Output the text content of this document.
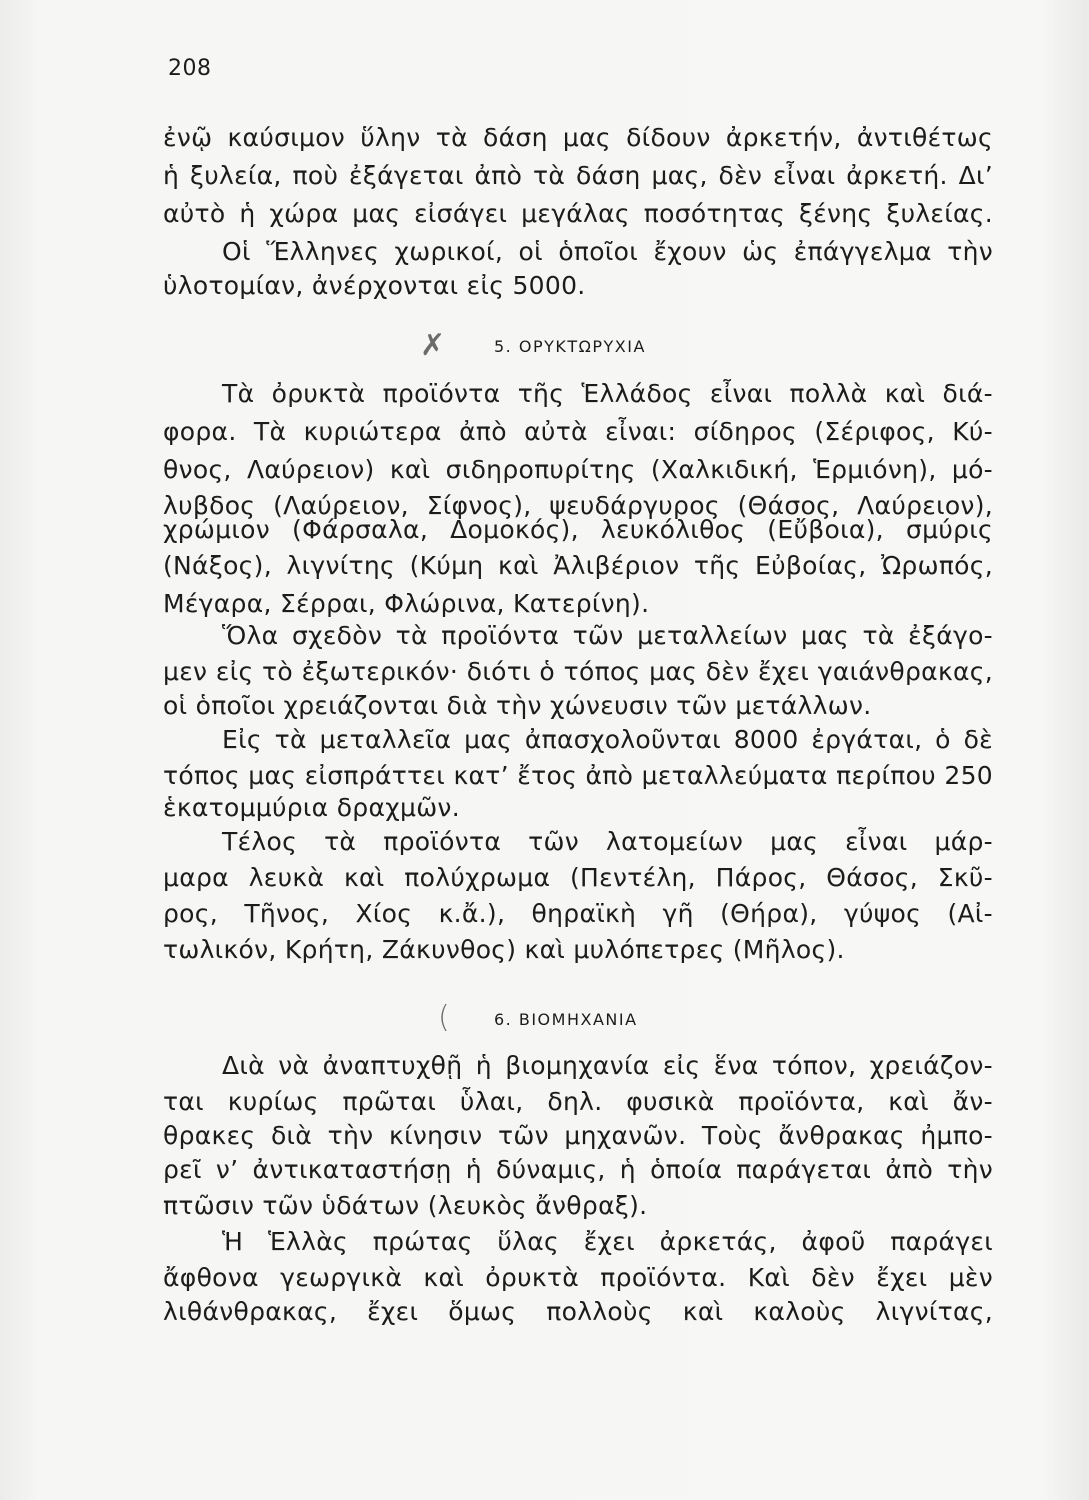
208
ἐνῷ καύσιμον ὕλην τὰ δάση μας δίδουν ἀρκετήν, ἀντιθέτως
ἡ ξυλεία, ποὺ ἐξάγεται ἀπὸ τὰ δάση μας, δὲν εἶναι ἀρκετή. Δι’
αὐτὸ ἡ χώρα μας εἰσάγει μεγάλας ποσότητας ξένης ξυλείας.
Οἱ Ἕλληνες χωρικοί, οἱ ὁποῖοι ἔχουν ὡς ἐπάγγελμα τὴν
ὑλοτομίαν, ἀνέρχονται εἰς 5000.
✗	5. ΟΡΥΚΤΩΡΥΧΙΑ
Τὰ ὀρυκτὰ προϊόντα τῆς Ἑλλάδος εἶναι πολλὰ καὶ διά-
φορα. Τὰ κυριώτερα ἀπὸ αὐτὰ εἶναι: σίδηρος (Σέριφος, Κύ-
θνος, Λαύρειον) καὶ σιδηροπυρίτης (Χαλκιδική, Ἑρμιόνη), μό-
λυβδος (Λαύρειον, Σίφνος), ψευδάργυρος (Θάσος, Λαύρειον),
χρώμιον (Φάρσαλα, Δομοκός), λευκόλιθος (Εὔβοια), σμύρις
(Νάξος), λιγνίτης (Κύμη καὶ Ἀλιβέριον τῆς Εὐβοίας, Ὠρωπός,
Μέγαρα, Σέρραι, Φλώρινα, Κατερίνη).
Ὅλα σχεδὸν τὰ προϊόντα τῶν μεταλλείων μας τὰ ἐξάγο-
μεν εἰς τὸ ἐξωτερικόν· διότι ὁ τόπος μας δὲν ἔχει γαιάνθρακας,
οἱ ὁποῖοι χρειάζονται διὰ τὴν χώνευσιν τῶν μετάλλων.
Εἰς τὰ μεταλλεῖα μας ἀπασχολοῦνται 8000 ἐργάται, ὁ δὲ
τόπος μας εἰσπράττει κατ’ ἔτος ἀπὸ μεταλλεύματα περίπου 250
ἑκατομμύρια δραχμῶν.
Τέλος τὰ προϊόντα τῶν λατομείων μας εἶναι μάρ-
μαρα λευκὰ καὶ πολύχρωμα (Πεντέλη, Πάρος, Θάσος, Σκῦ-
ρος, Τῆνος, Χίος κ.ἄ.), θηραϊκὴ γῆ (Θήρα), γύψος (Αἰ-
τωλικόν, Κρήτη, Ζάκυνθος) καὶ μυλόπετρες (Μῆλος).
(	6. ΒΙΟΜΗΧΑΝΙΑ
Διὰ νὰ ἀναπτυχθῇ ἡ βιομηχανία εἰς ἕνα τόπον, χρειάζον-
ται κυρίως πρῶται ὗλαι, δηλ. φυσικὰ προϊόντα, καὶ ἄν-
θρακες διὰ τὴν κίνησιν τῶν μηχανῶν. Τοὺς ἄνθρακας ἠμπο-
ρεῖ ν’ ἀντικαταστήσῃ ἡ δύναμις, ἡ ὁποία παράγεται ἀπὸ τὴν
πτῶσιν τῶν ὑδάτων (λευκὸς ἄνθραξ).
Ἡ Ἑλλὰς πρώτας ὕλας ἔχει ἀρκετάς, ἀφοῦ παράγει
ἄφθονα γεωργικὰ καὶ ὀρυκτὰ προϊόντα. Καὶ δὲν ἔχει μὲν
λιθάνθρακας, ἔχει ὅμως πολλοὺς καὶ καλοὺς λιγνίτας,
